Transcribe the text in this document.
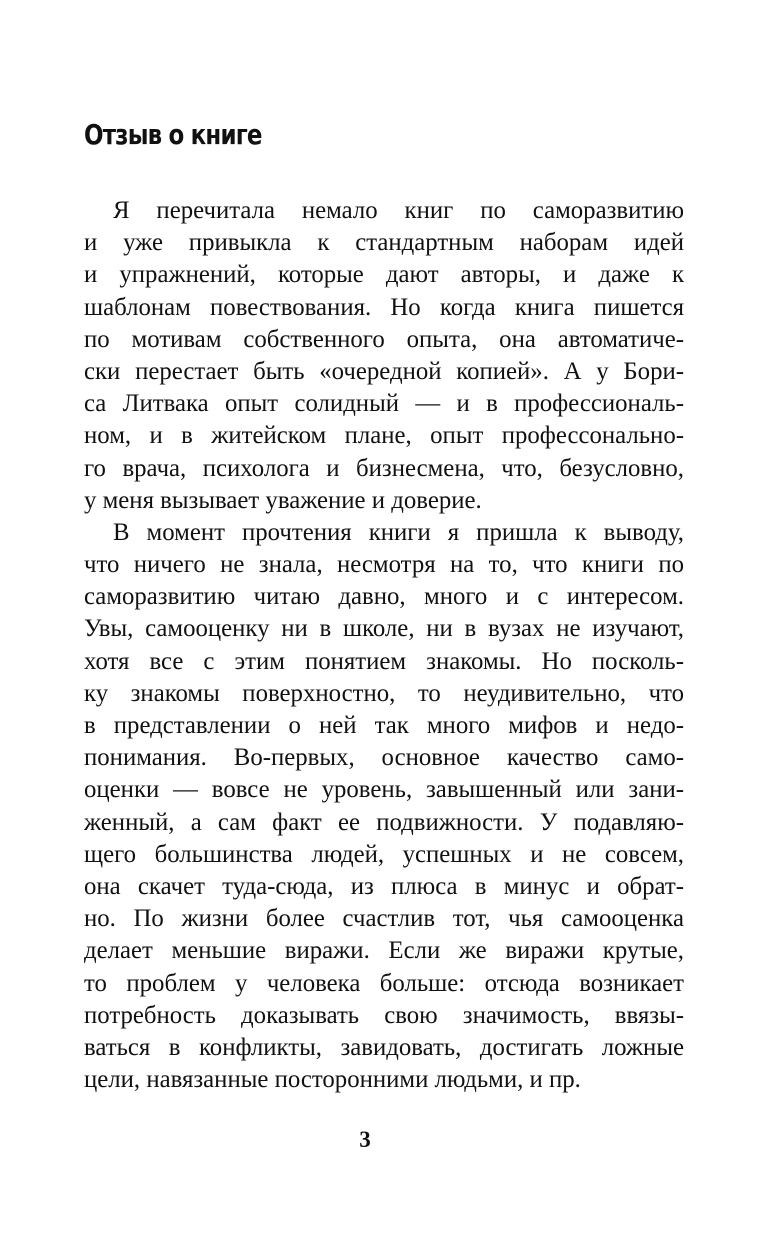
Отзыв о книге

Я перечитала немало книг по саморазвитию
и уже привыкла к стандартным наборам идей
и упражнений, которые дают авторы, и даже к
шаблонам повествования. Но когда книга пишется
по мотивам собственного опыта, она автоматиче-
ски перестает быть «очередной копией». А у Бори-
са Литвака опыт солидный — и в профессиональ-
ном, и в житейском плане, опыт профессонально-
го врача, психолога и бизнесмена, что, безусловно,
у меня вызывает уважение и доверие.

В момент прочтения книги я пришла к выводу,
что ничего не знала, несмотря на то, что книги по
саморазвитию читаю давно, много и с интересом.
Увы, самооценку ни в школе, ни в вузах не изучают,
хотя все с этим понятием знакомы. Но посколь-
ку знакомы поверхностно, то неудивительно, что
в представлении о ней так много мифов и недо-
понимания. Во-первых, основное качество само-
оценки — вовсе не уровень, завышенный или зани-
женный, а сам факт ее подвижности. У подавляю-
щего большинства людей, успешных и не совсем,
она скачет туда-сюда, из плюса в минус и обрат-
но. По жизни более счастлив тот, чья самооценка
делает меньшие виражи. Если же виражи крутые,
то проблем у человека больше: отсюда возникает
потребность доказывать свою значимость, ввязы-
ваться в конфликты, завидовать, достигать ложные
цели, навязанные посторонними людьми, и пр.

3
